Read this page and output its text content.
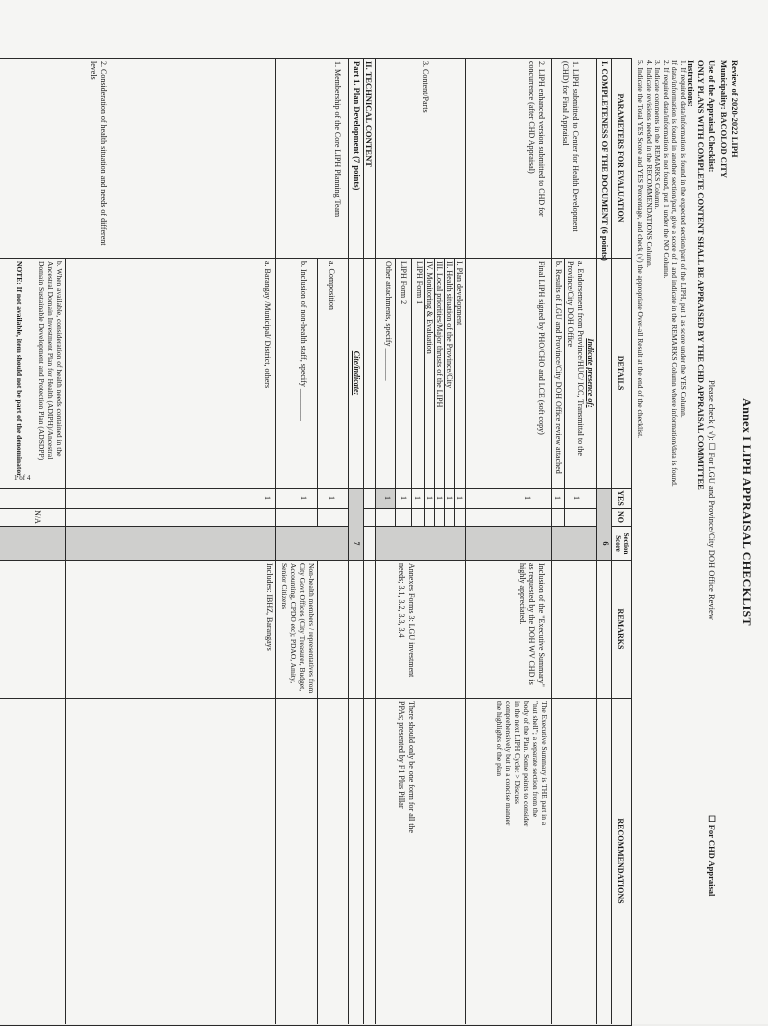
Annex I LIPH APPRAISAL CHECKLIST
Review of 2020-2022 LIPH
Municipality: BACOLOD CITY
Use of the Appraisal Checklist:
Please check ( √): ☐ For LGU and Province/City DOH Office Review
☐ For CHD Appraisal
ONLY PLANS WITH COMPLETE CONTENT SHALL BE APPRAISED BY THE CHD APPRAISAL COMMITTEE
Instructions:
1. If required data/information is found in the expected section/part of the LIPH, put 1 as score under the YES Column.
If data/information is found in another section/part, give a score of 1 and indicate in the REMARKS Column where information/data is found.
2. If required data/information is not found, put 1 under the NO Column.
3. Indicate comments in the REMARKS Column.
4. Indicate revisions needed in the RECOMMENDATIONS Column.
5. Indicate the Total YES Score and YES Percentage, and check (√) the appropriate Over-all Result at the end of the checklist.
PARAMETERS FOR EVALUATION
DETAILS
YES
NO
Section Score
REMARKS
RECOMMENDATIONS
I. COMPLETENESS OF THE DOCUMENT (6 points)
6
Indicate presence of:
1. LIPH submitted to Center for Health Development (CHD) for Final Appraisal
a. Endorsement from Province/HUC/ ICC, Transmittal to the Province/City DOH Office
b. Results of LGU and Province/City DOH Office review attached
1
1
2. LIPH enhanced version submitted to CHD for concurrence (after CHD Appraisal)
Final LIPH signed by PHO/CHO and LCE (soft copy)
1
Inclusion of the "Executive Summary" as requested by the DOH WV CHD is highly appreciated.
The Executive Summary is THE part in a "nut shell"; a separate section from the body of the Plan. Some points to consider in the next LIPH Cycle: > Discuss comprehensively but in a concise manner the highlights of the plan
3. Content/Parts
I. Plan development
II. Health situation of the Province/City
III. Local priorities/Major thrusts of the LIPH
IV. Monitoring & Evaluation
LIPH Form 1
LIPH Form 2
Other attachments, specify ________
1
1
1
1
1
1
1
Annexes Forms 3: LGU investment needs; 3.1, 3.2, 3.3, 3.4
There should only be one form for all the PPAs; presented by F1 Plus Pillar
II. TECHNICAL CONTENT
Part 1. Plan Development (7 points)
Cite/indicate:
7
1. Membership of the Core LIPH Planning Team
a. Composition
1
b. Inclusion of non-health staff, specify ________
1
Non-health members / representatives from City Govt Offices (City Treasurer, Budget, Accounting, CPDO etc); PDAO, Amity, Senior Citizens
2. Consideration of health situation and needs of different levels
a. Barangay /Municipal/ District, others
1
Includes: IBHZ, Barangays
b. When available, consideration of health needs contained in the Ancestral Domain Investment Plan for Health (ADIPH)/Ancestral Domain Sustainable Development and Protection Plan (ADSDPP)
NOTE: If not available, item should not be part of the denominator.
N/A
1 of 4
